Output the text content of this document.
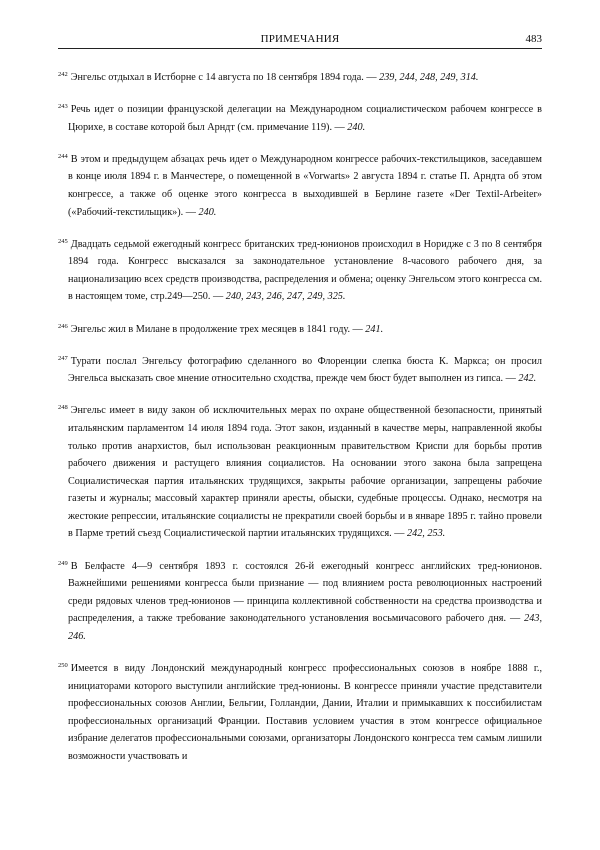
ПРИМЕЧАНИЯ	483

$^{242}$ Энгельс отдыхал в Истборне с 14 августа по 18 сентября 1894 года. — 239, 244, 248, 249, 314.

$^{243}$ Речь идет о позиции французской делегации на Международном социалистическом рабочем конгрессе в Цюрихе, в составе которой был Арндт (см. примечание 119). — 240.

$^{244}$ В этом и предыдущем абзацах речь идет о Международном конгрессе рабочих-текстильщиков, заседавшем в конце июля 1894 г. в Манчестере, о помещенной в «Vorwarts» 2 августа 1894 г. статье П. Арндта об этом конгрессе, а также об оценке этого конгресса в выходившей в Берлине газете «Der Textil-Arbeiter» («Рабочий-текстильщик»). — 240.

$^{245}$ Двадцать седьмой ежегодный конгресс британских тред-юнионов происходил в Норидже с 3 по 8 сентября 1894 года. Конгресс высказался за законодательное установление 8-часового рабочего дня, за национализацию всех средств производства, распределения и обмена; оценку Энгельсом этого конгресса см. в настоящем томе, стр.249—250. — 240, 243, 246, 247, 249, 325.

$^{246}$ Энгельс жил в Милане в продолжение трех месяцев в 1841 году. — 241.

$^{247}$ Турати послал Энгельсу фотографию сделанного во Флоренции слепка бюста К. Маркса; он просил Энгельса высказать свое мнение относительно сходства, прежде чем бюст будет выполнен из гипса. — 242.

$^{248}$ Энгельс имеет в виду закон об исключительных мерах по охране общественной безопасности, принятый итальянским парламентом 14 июля 1894 года. Этот закон, изданный в качестве меры, направленной якобы только против анархистов, был использован реакционным правительством Криспи для борьбы против рабочего движения и растущего влияния социалистов. На основании этого закона была запрещена Социалистическая партия итальянских трудящихся, закрыты рабочие организации, запрещены рабочие газеты и журналы; массовый характер приняли аресты, обыски, судебные процессы. Однако, несмотря на жестокие репрессии, итальянские социалисты не прекратили своей борьбы и в январе 1895 г. тайно провели в Парме третий съезд Социалистической партии итальянских трудящихся. — 242, 253.

$^{249}$ В Белфасте 4—9 сентября 1893 г. состоялся 26-й ежегодный конгресс английских тред-юнионов. Важнейшими решениями конгресса были признание — под влиянием роста революционных настроений среди рядовых членов тред-юнионов — принципа коллективной собственности на средства производства и распределения, а также требование законодательного установления восьмичасового рабочего дня. — 243, 246.

$^{250}$ Имеется в виду Лондонский международный конгресс профессиональных союзов в ноябре 1888 г., инициаторами которого выступили английские тред-юнионы. В конгрессе приняли участие представители профессиональных союзов Англии, Бельгии, Голландии, Дании, Италии и примыкавших к поссибилистам профессиональных организаций Франции. Поставив условием участия в этом конгрессе официальное избрание делегатов профессиональными союзами, организаторы Лондонского конгресса тем самым лишили возможности участвовать и
